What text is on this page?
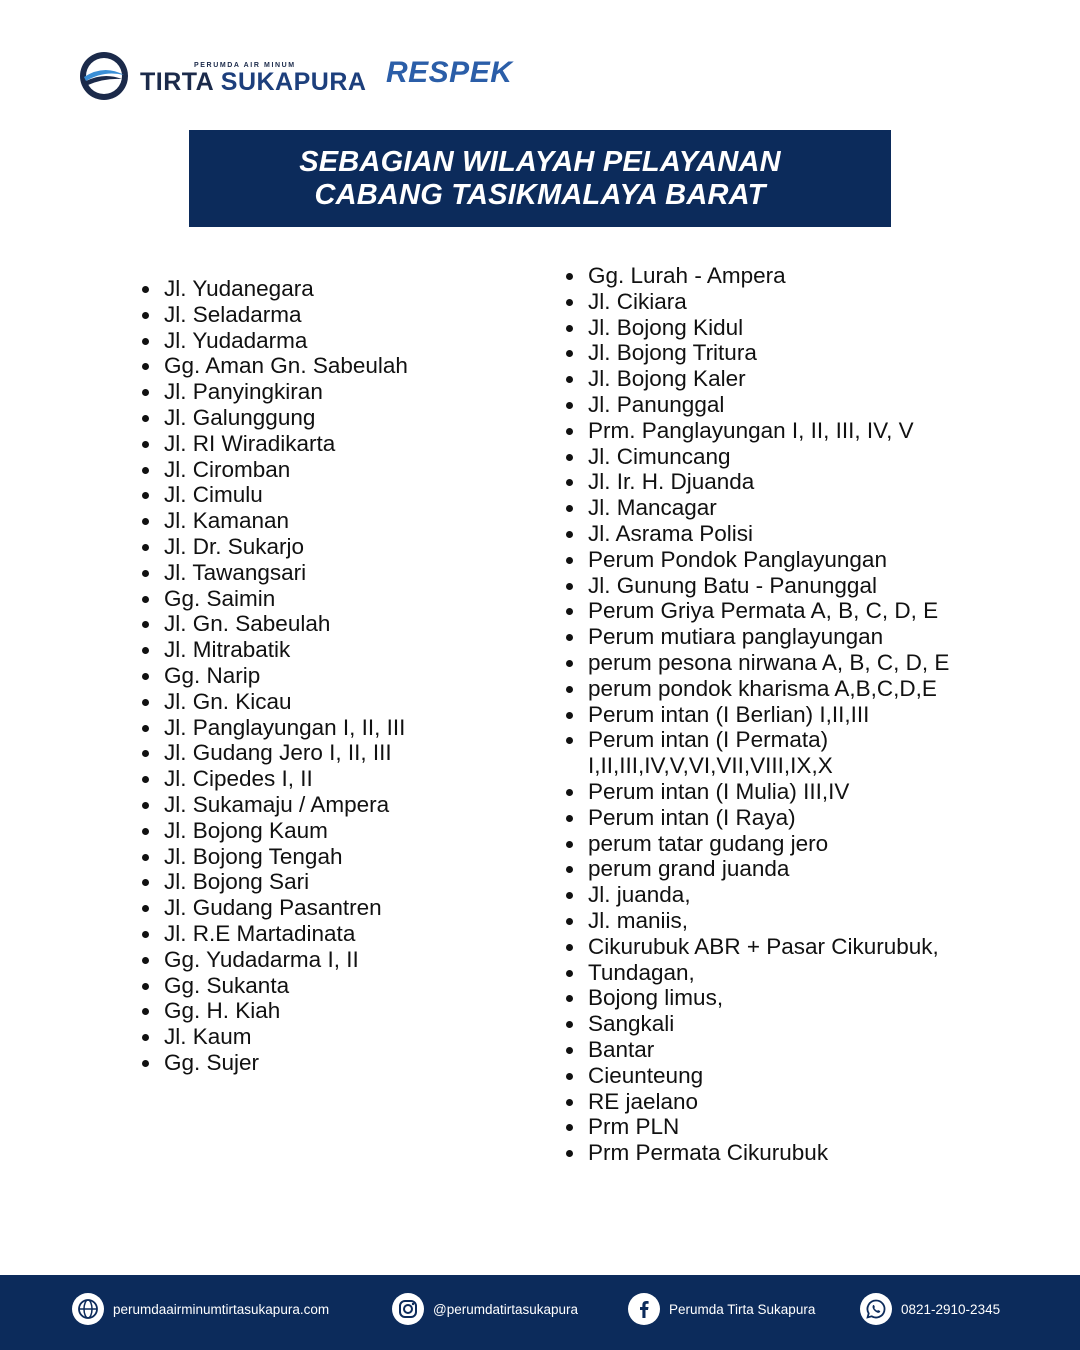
PERUMDA AIR MINUM
TIRTA SUKAPURA RESPEK
SEBAGIAN WILAYAH PELAYANAN
CABANG TASIKMALAYA BARAT
Jl. Yudanegara
Jl. Seladarma
Jl. Yudadarma
Gg. Aman Gn. Sabeulah
Jl. Panyingkiran
Jl. Galunggung
Jl. RI Wiradikarta
Jl. Ciromban
Jl. Cimulu
Jl. Kamanan
Jl. Dr. Sukarjo
Jl. Tawangsari
Gg. Saimin
Jl. Gn. Sabeulah
Jl. Mitrabatik
Gg. Narip
Jl. Gn. Kicau
Jl. Panglayungan I, II, III
Jl. Gudang Jero I, II, III
Jl. Cipedes I, II
Jl. Sukamaju / Ampera
Jl. Bojong Kaum
Jl. Bojong Tengah
Jl. Bojong Sari
Jl. Gudang Pasantren
Jl. R.E Martadinata
Gg. Yudadarma I, II
Gg. Sukanta
Gg. H. Kiah
Jl. Kaum
Gg. Sujer
Gg. Lurah - Ampera
Jl. Cikiara
Jl. Bojong Kidul
Jl. Bojong Tritura
Jl. Bojong Kaler
Jl. Panunggal
Prm. Panglayungan I, II, III, IV, V
Jl. Cimuncang
Jl. Ir. H. Djuanda
Jl. Mancagar
Jl. Asrama Polisi
Perum Pondok Panglayungan
Jl. Gunung Batu - Panunggal
Perum Griya Permata A, B, C, D, E
Perum mutiara panglayungan
perum pesona nirwana A, B, C, D, E
perum pondok kharisma A,B,C,D,E
Perum intan (I Berlian) I,II,III
Perum intan (I Permata) I,II,III,IV,V,VI,VII,VIII,IX,X
Perum intan (I Mulia) III,IV
Perum intan (I Raya)
perum tatar gudang jero
perum grand juanda
Jl. juanda,
Jl. maniis,
Cikurubuk ABR + Pasar Cikurubuk,
Tundagan,
Bojong limus,
Sangkali
Bantar
Cieunteung
RE jaelano
Prm PLN
Prm Permata Cikurubuk
perumdaairminumtirtasukapura.com	@perumdatirtasukapura	Perumda Tirta Sukapura	0821-2910-2345
